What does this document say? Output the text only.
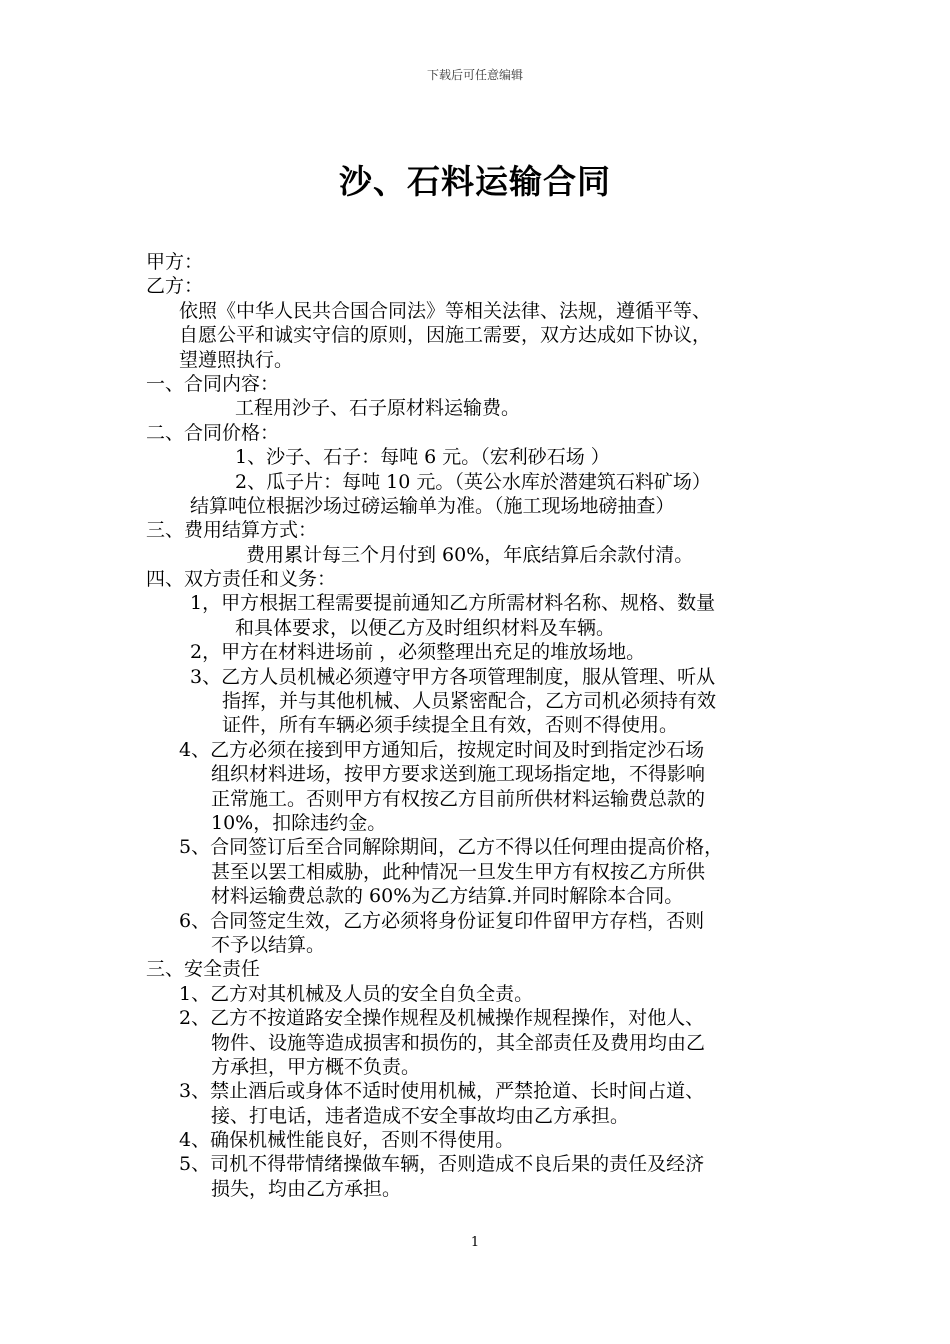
下载后可任意编辑
沙、石料运输合同
甲方：
乙方：
依照《中华人民共合国合同法》等相关法律、法规，遵循平等、
自愿公平和诚实守信的原则，因施工需要，双方达成如下协议，
望遵照执行。
一、合同内容：
工程用沙子、石子原材料运输费。
二、合同价格：
1、沙子、石子：每吨 6 元。（宏利砂石场 ）
2、瓜子片：每吨 10 元。（英公水库於潜建筑石料矿场）
结算吨位根据沙场过磅运输单为准。（施工现场地磅抽查）
三、费用结算方式：
费用累计每三个月付到 60%，年底结算后余款付清。
四、双方责任和义务：
1，甲方根据工程需要提前通知乙方所需材料名称、规格、数量
和具体要求，以便乙方及时组织材料及车辆。
2，甲方在材料进场前 ，必须整理出充足的堆放场地。
3、乙方人员机械必须遵守甲方各项管理制度，服从管理、听从
指挥，并与其他机械、人员紧密配合，乙方司机必须持有效
证件，所有车辆必须手续提全且有效，否则不得使用。
4、乙方必须在接到甲方通知后，按规定时间及时到指定沙石场
组织材料进场，按甲方要求送到施工现场指定地，不得影响
正常施工。否则甲方有权按乙方目前所供材料运输费总款的
10%，扣除违约金。
5、合同签订后至合同解除期间，乙方不得以任何理由提高价格，
甚至以罢工相威胁，此种情况一旦发生甲方有权按乙方所供
材料运输费总款的 60%为乙方结算.并同时解除本合同。
6、合同签定生效，乙方必须将身份证复印件留甲方存档，否则
不予以结算。
三、安全责任
1、乙方对其机械及人员的安全自负全责。
2、乙方不按道路安全操作规程及机械操作规程操作，对他人、
物件、设施等造成损害和损伤的，其全部责任及费用均由乙
方承担，甲方概不负责。
3、禁止酒后或身体不适时使用机械，严禁抢道、长时间占道、
接、打电话，违者造成不安全事故均由乙方承担。
4、确保机械性能良好，否则不得使用。
5、司机不得带情绪操做车辆，否则造成不良后果的责任及经济
损失，均由乙方承担。
1
